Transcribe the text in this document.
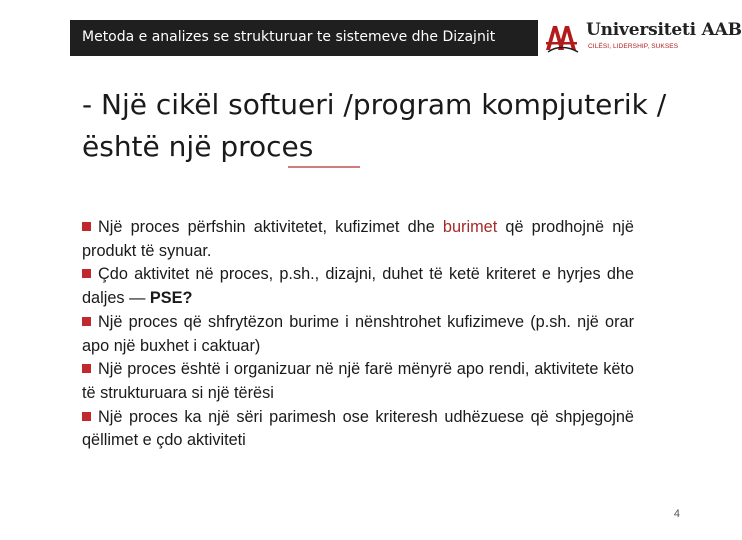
Metoda e analizes se strukturuar te sistemeve dhe Dizajnit	Universiteti AAB
CILËSI, LIDERSHIP, SUKSES
- Një cikël softueri /program kompjuterik / është një proces
Një proces përfshin aktivitetet, kufizimet dhe burimet që prodhojnë një produkt të synuar.
Çdo aktivitet në proces, p.sh., dizajni, duhet të ketë kriteret e hyrjes dhe daljes — PSE?
Një proces që shfrytëzon burime i nënshtrohet kufizimeve (p.sh. një orar apo një buxhet i caktuar)
Një proces është i organizuar në një farë mënyrë apo rendi, aktivitete këto të strukturuara si një tërësi
Një proces ka një sëri parimesh ose kriteresh udhëzuese që shpjegojnë qëllimet e çdo aktiviteti
4
